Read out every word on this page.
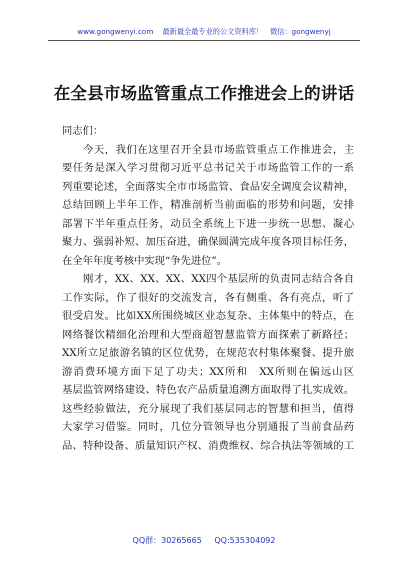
www.gongwenyi.com 最新最全最专业的公文资料库！ 微信：gongwenyj
在全县市场监管重点工作推进会上的讲话
同志们：
今天，我们在这里召开全县市场监管重点工作推进会，主
要任务是深入学习贯彻习近平总书记关于市场监管工作的一系
列重要论述，全面落实全市市场监管、食品安全调度会议精神，
总结回顾上半年工作，精准剖析当前面临的形势和问题，安排
部署下半年重点任务，动员全系统上下进一步统一思想、凝心
聚力、强弱补短、加压奋进，确保圆满完成年度各项目标任务，
在全年年度考核中实现“争先进位”。
刚才，XX、XX、XX、XX四个基层所的负责同志结合各自
工作实际，作了很好的交流发言，各有侧重、各有亮点，听了
很受启发。比如XX所围绕城区业态复杂、主体集中的特点，在
网络餐饮精细化治理和大型商超智慧监管方面探索了新路径；
XX所立足旅游名镇的区位优势，在规范农村集体聚餐、提升旅
游消费环境方面下足了功夫；XX所和　XX所则在偏远山区
基层监管网络建设、特色农产品质量追溯方面取得了扎实成效。
这些经验做法，充分展现了我们基层同志的智慧和担当，值得
大家学习借鉴。同时，几位分管领导也分别通报了当前食品药
品、特种设备、质量知识产权、消费维权、综合执法等领域的工
QQ群：30265665 QQ:535304092
